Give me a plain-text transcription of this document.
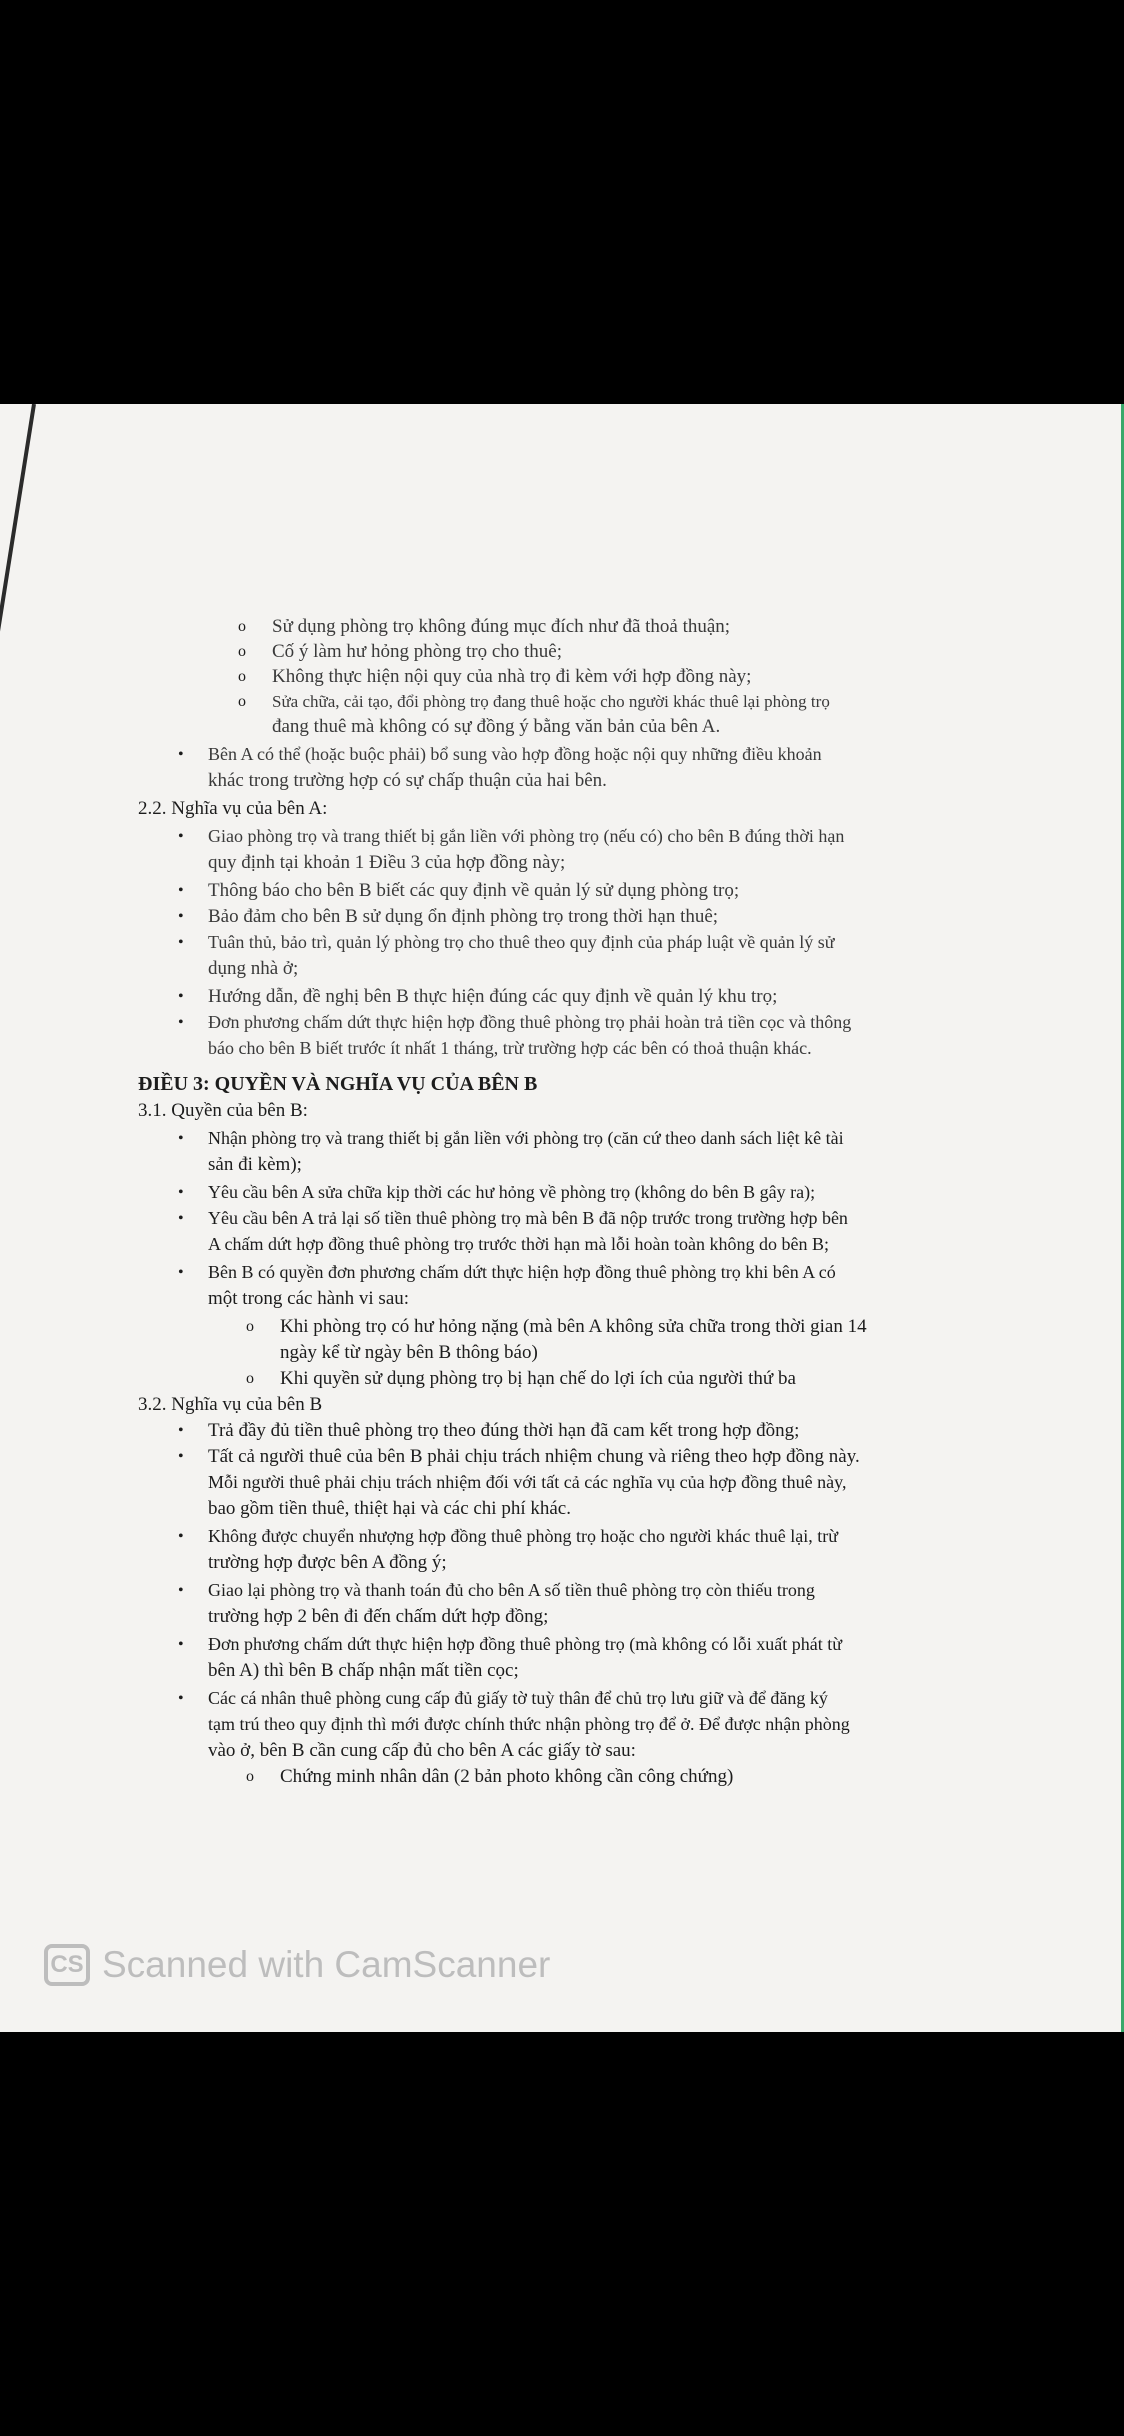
o Sử dụng phòng trọ không đúng mục đích như đã thoả thuận;
o Cố ý làm hư hỏng phòng trọ cho thuê;
o Không thực hiện nội quy của nhà trọ đi kèm với hợp đồng này;
o Sửa chữa, cải tạo, đổi phòng trọ đang thuê hoặc cho người khác thuê lại phòng trọ
đang thuê mà không có sự đồng ý bằng văn bản của bên A.
• Bên A có thể (hoặc buộc phải) bổ sung vào hợp đồng hoặc nội quy những điều khoản
khác trong trường hợp có sự chấp thuận của hai bên.
2.2. Nghĩa vụ của bên A:
• Giao phòng trọ và trang thiết bị gắn liền với phòng trọ (nếu có) cho bên B đúng thời hạn
quy định tại khoản 1 Điều 3 của hợp đồng này;
• Thông báo cho bên B biết các quy định về quản lý sử dụng phòng trọ;
• Bảo đảm cho bên B sử dụng ổn định phòng trọ trong thời hạn thuê;
• Tuân thủ, bảo trì, quản lý phòng trọ cho thuê theo quy định của pháp luật về quản lý sử
dụng nhà ở;
• Hướng dẫn, đề nghị bên B thực hiện đúng các quy định về quản lý khu trọ;
• Đơn phương chấm dứt thực hiện hợp đồng thuê phòng trọ phải hoàn trả tiền cọc và thông
báo cho bên B biết trước ít nhất 1 tháng, trừ trường hợp các bên có thoả thuận khác.
ĐIỀU 3: QUYỀN VÀ NGHĨA VỤ CỦA BÊN B
3.1. Quyền của bên B:
• Nhận phòng trọ và trang thiết bị gắn liền với phòng trọ (căn cứ theo danh sách liệt kê tài
sản đi kèm);
• Yêu cầu bên A sửa chữa kịp thời các hư hỏng về phòng trọ (không do bên B gây ra);
• Yêu cầu bên A trả lại số tiền thuê phòng trọ mà bên B đã nộp trước trong trường hợp bên
A chấm dứt hợp đồng thuê phòng trọ trước thời hạn mà lỗi hoàn toàn không do bên B;
• Bên B có quyền đơn phương chấm dứt thực hiện hợp đồng thuê phòng trọ khi bên A có
một trong các hành vi sau:
o Khi phòng trọ có hư hỏng nặng (mà bên A không sửa chữa trong thời gian 14
ngày kể từ ngày bên B thông báo)
o Khi quyền sử dụng phòng trọ bị hạn chế do lợi ích của người thứ ba
3.2. Nghĩa vụ của bên B
• Trả đầy đủ tiền thuê phòng trọ theo đúng thời hạn đã cam kết trong hợp đồng;
• Tất cả người thuê của bên B phải chịu trách nhiệm chung và riêng theo hợp đồng này.
Mỗi người thuê phải chịu trách nhiệm đối với tất cả các nghĩa vụ của hợp đồng thuê này,
bao gồm tiền thuê, thiệt hại và các chi phí khác.
• Không được chuyển nhượng hợp đồng thuê phòng trọ hoặc cho người khác thuê lại, trừ
trường hợp được bên A đồng ý;
• Giao lại phòng trọ và thanh toán đủ cho bên A số tiền thuê phòng trọ còn thiếu trong
trường hợp 2 bên đi đến chấm dứt hợp đồng;
• Đơn phương chấm dứt thực hiện hợp đồng thuê phòng trọ (mà không có lỗi xuất phát từ
bên A) thì bên B chấp nhận mất tiền cọc;
• Các cá nhân thuê phòng cung cấp đủ giấy tờ tuỳ thân để chủ trọ lưu giữ và để đăng ký
tạm trú theo quy định thì mới được chính thức nhận phòng trọ để ở. Để được nhận phòng
vào ở, bên B cần cung cấp đủ cho bên A các giấy tờ sau:
o Chứng minh nhân dân (2 bản photo không cần công chứng)
CS Scanned with CamScanner
